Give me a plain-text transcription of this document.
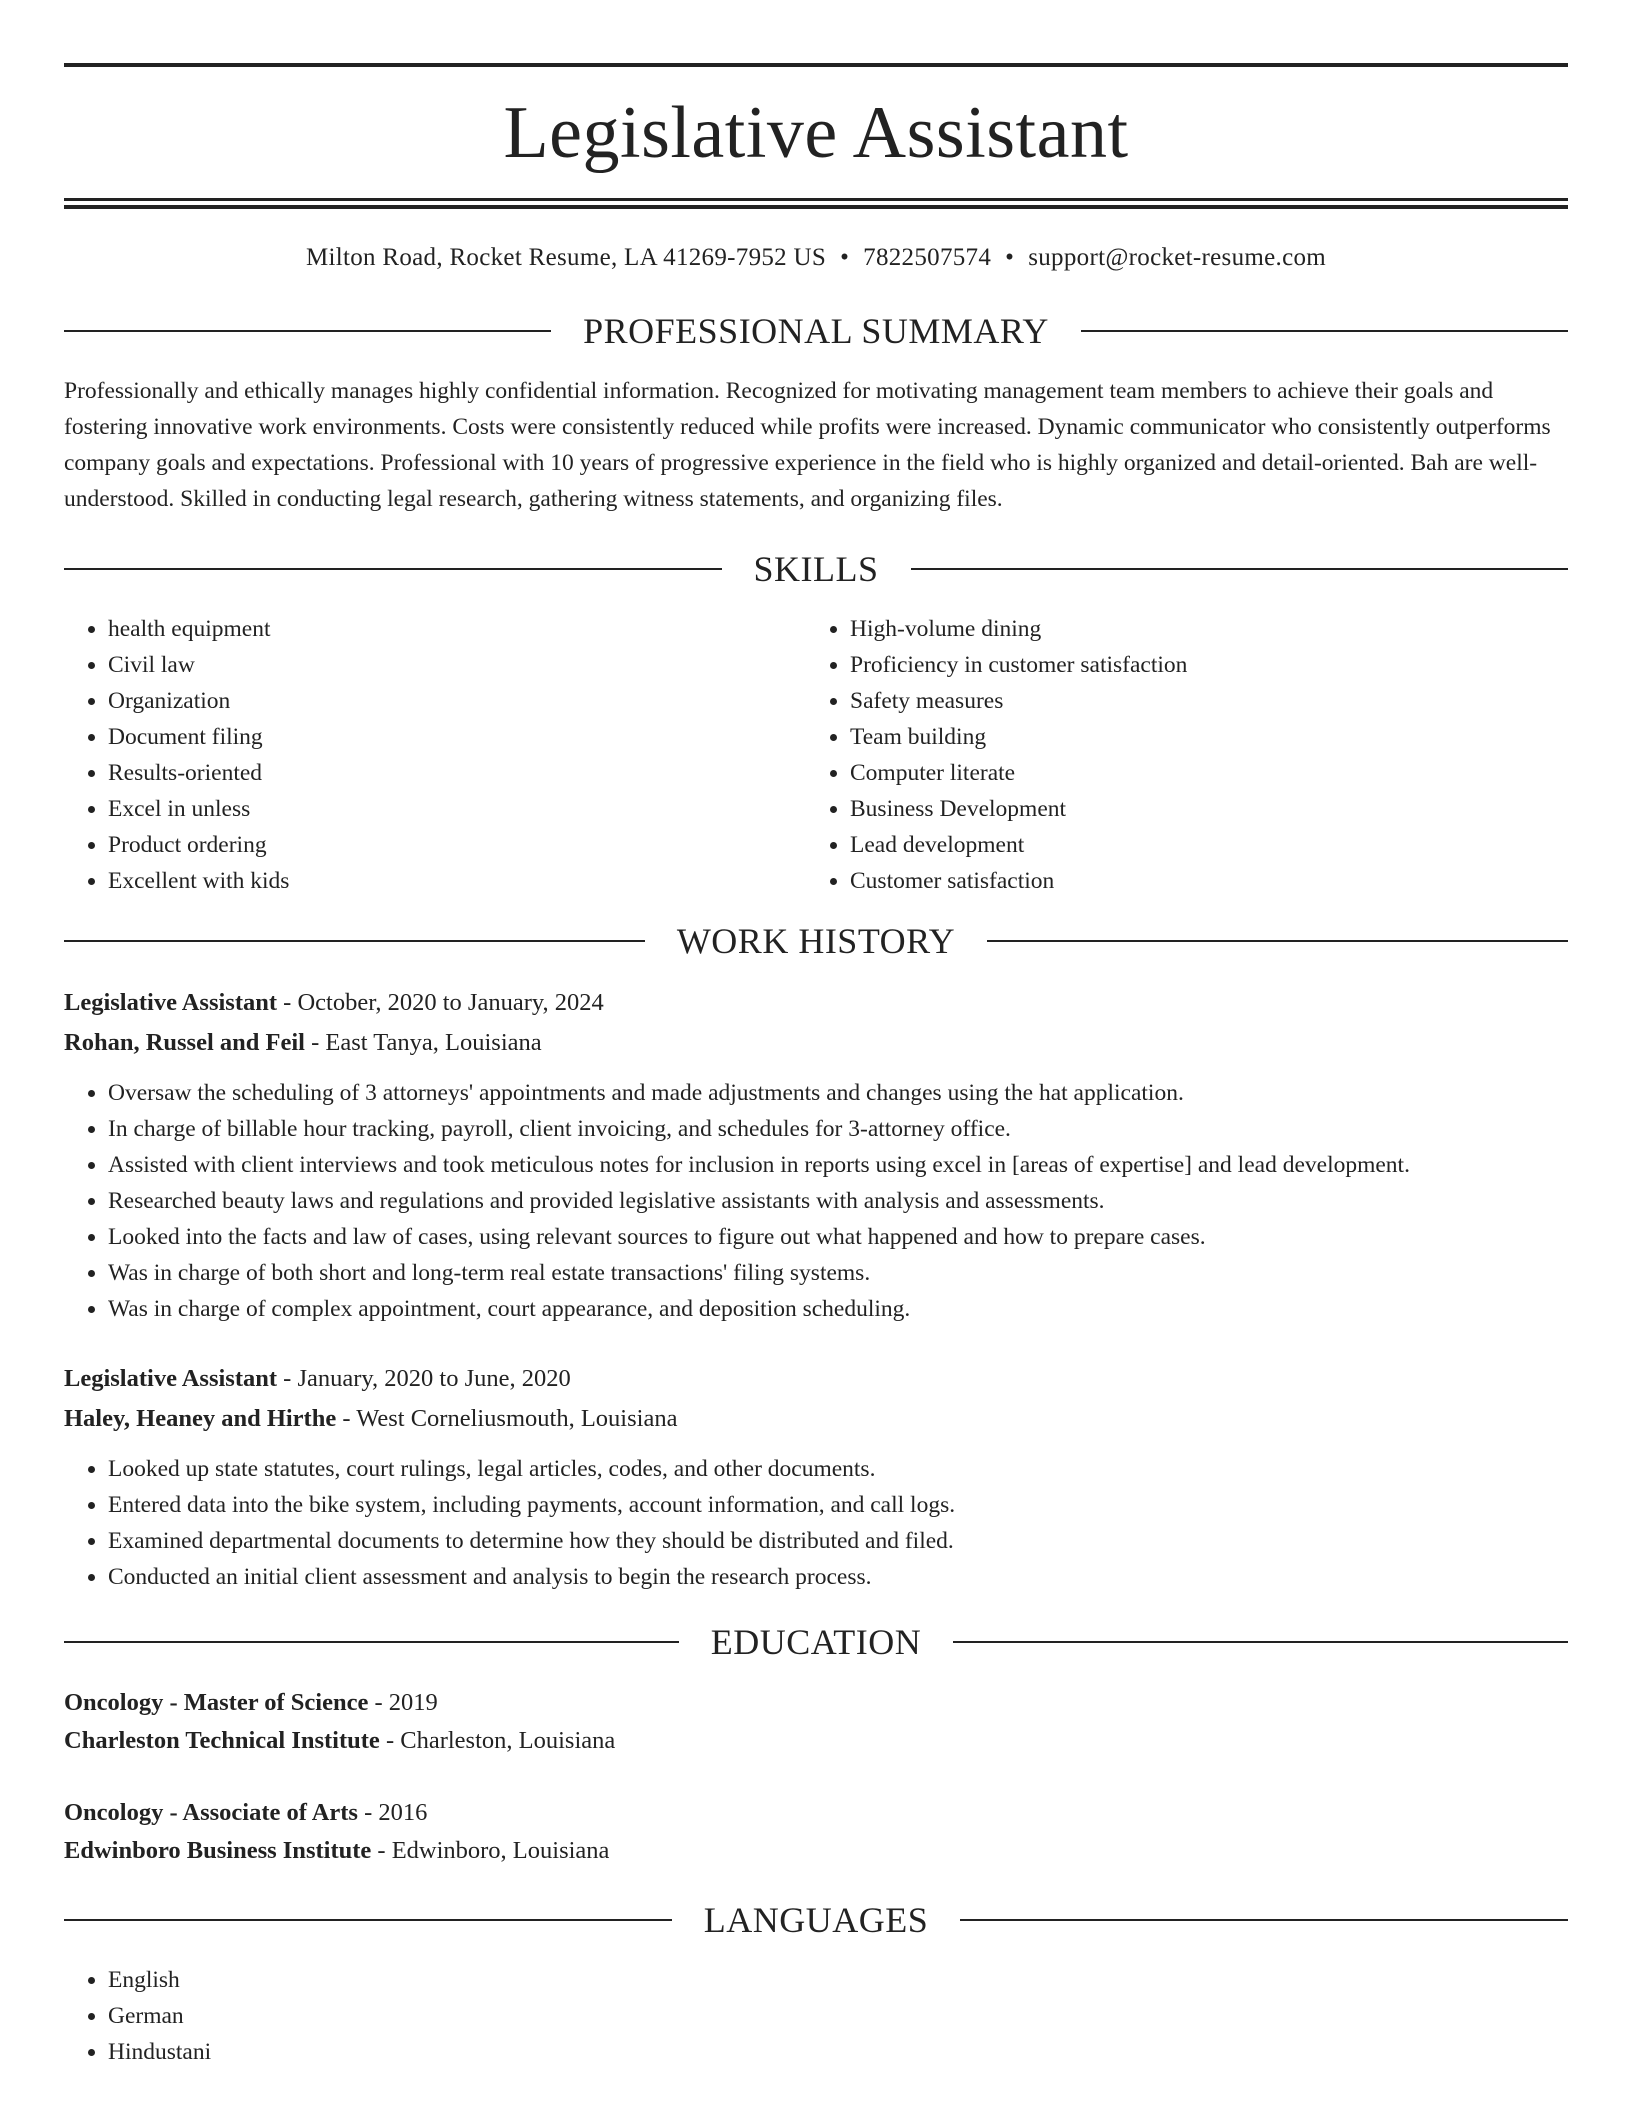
Legislative Assistant
Milton Road, Rocket Resume, LA 41269-7952 US • 7822507574 • support@rocket-resume.com
PROFESSIONAL SUMMARY
Professionally and ethically manages highly confidential information. Recognized for motivating management team members to achieve their goals and fostering innovative work environments. Costs were consistently reduced while profits were increased. Dynamic communicator who consistently outperforms company goals and expectations. Professional with 10 years of progressive experience in the field who is highly organized and detail-oriented. Bah are well-understood. Skilled in conducting legal research, gathering witness statements, and organizing files.
SKILLS
• health equipment
• Civil law
• Organization
• Document filing
• Results-oriented
• Excel in unless
• Product ordering
• Excellent with kids
• High-volume dining
• Proficiency in customer satisfaction
• Safety measures
• Team building
• Computer literate
• Business Development
• Lead development
• Customer satisfaction
WORK HISTORY
Legislative Assistant - October, 2020 to January, 2024
Rohan, Russel and Feil - East Tanya, Louisiana
• Oversaw the scheduling of 3 attorneys' appointments and made adjustments and changes using the hat application.
• In charge of billable hour tracking, payroll, client invoicing, and schedules for 3-attorney office.
• Assisted with client interviews and took meticulous notes for inclusion in reports using excel in [areas of expertise] and lead development.
• Researched beauty laws and regulations and provided legislative assistants with analysis and assessments.
• Looked into the facts and law of cases, using relevant sources to figure out what happened and how to prepare cases.
• Was in charge of both short and long-term real estate transactions' filing systems.
• Was in charge of complex appointment, court appearance, and deposition scheduling.
Legislative Assistant - January, 2020 to June, 2020
Haley, Heaney and Hirthe - West Corneliusmouth, Louisiana
• Looked up state statutes, court rulings, legal articles, codes, and other documents.
• Entered data into the bike system, including payments, account information, and call logs.
• Examined departmental documents to determine how they should be distributed and filed.
• Conducted an initial client assessment and analysis to begin the research process.
EDUCATION
Oncology - Master of Science - 2019
Charleston Technical Institute - Charleston, Louisiana
Oncology - Associate of Arts - 2016
Edwinboro Business Institute - Edwinboro, Louisiana
LANGUAGES
• English
• German
• Hindustani
